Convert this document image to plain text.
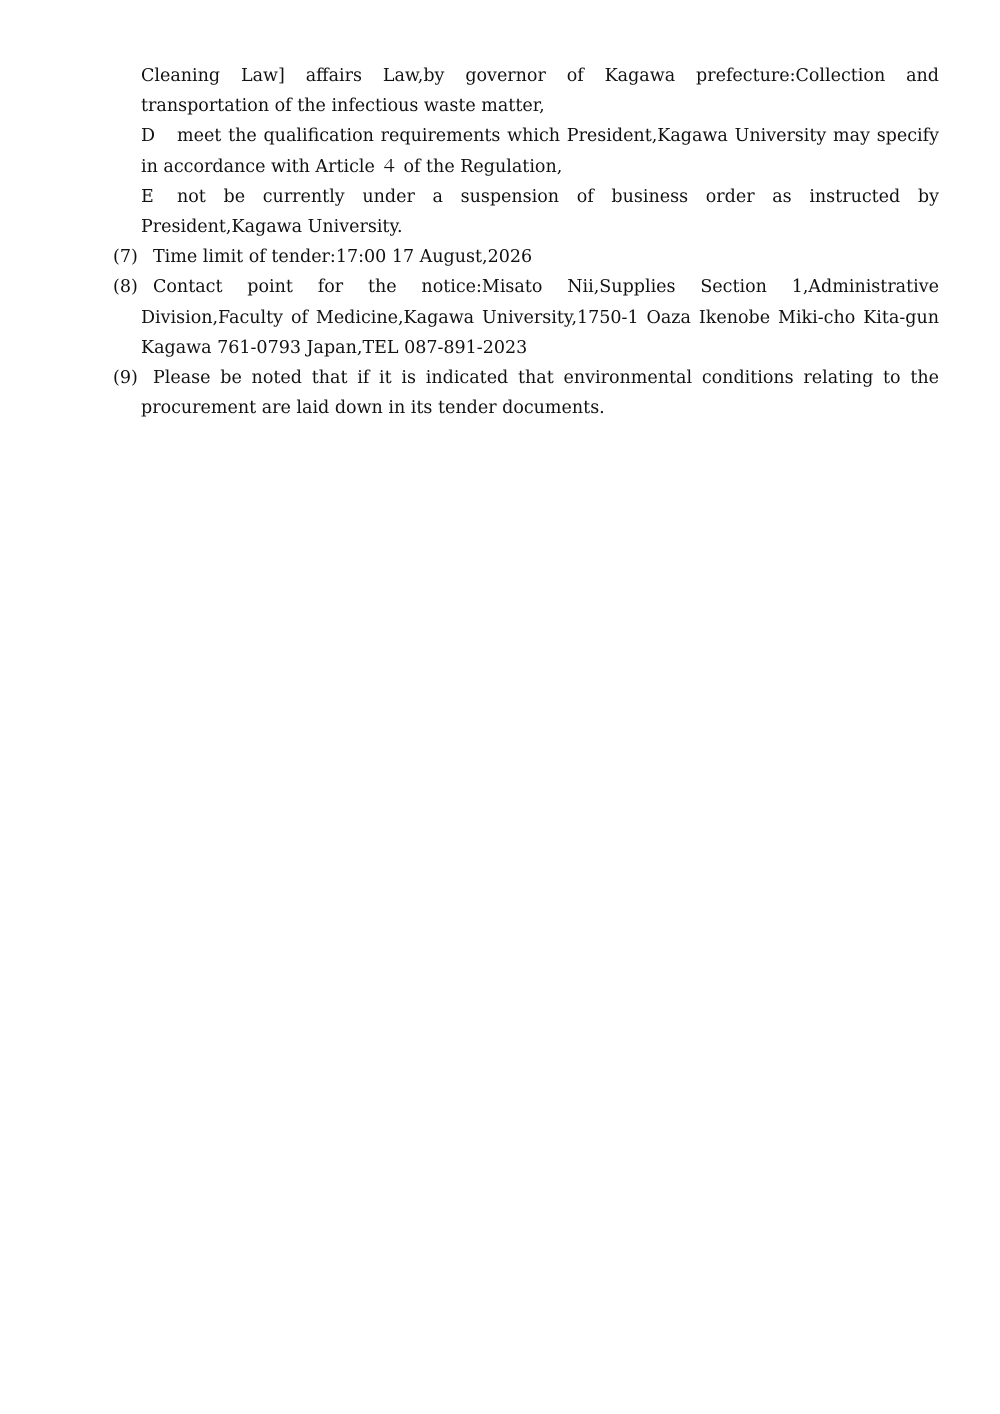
Cleaning Law] affairs Law,by governor of Kagawa prefecture:Collection and transportation of the infectious waste matter,

D meet the qualification requirements which President,Kagawa University may specify in accordance with Article ４ of the Regulation,

E not be currently under a suspension of business order as instructed by President,Kagawa University.

(7) Time limit of tender:17:00 17 August,2026

(8) Contact point for the notice:Misato Nii,Supplies Section 1,Administrative Division,Faculty of Medicine,Kagawa University,1750-1 Oaza Ikenobe Miki-cho Kita-gun Kagawa 761-0793 Japan,TEL 087-891-2023

(9) Please be noted that if it is indicated that environmental conditions relating to the procurement are laid down in its tender documents.
